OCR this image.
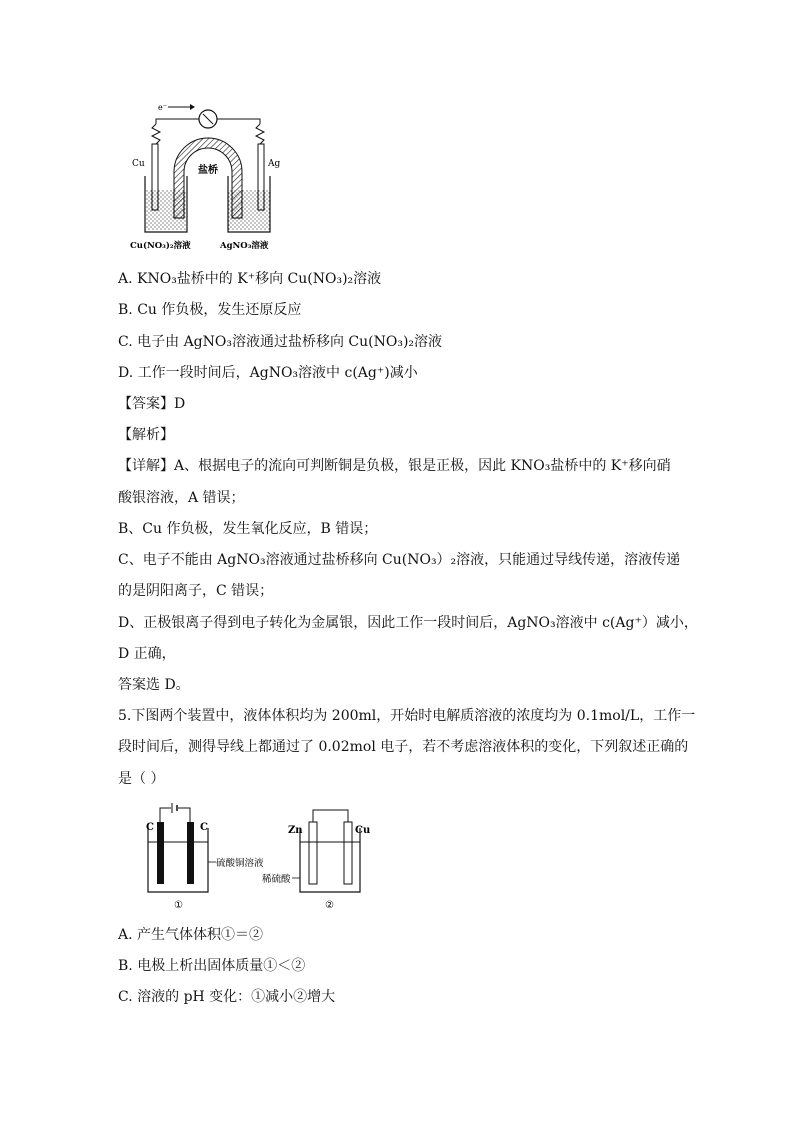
e⁻
Cu	Ag
盐桥
Cu(NO₃)₂溶液	AgNO₃溶液
A. KNO₃盐桥中的 K⁺移向 Cu(NO₃)₂溶液
B. Cu 作负极，发生还原反应
C. 电子由 AgNO₃溶液通过盐桥移向 Cu(NO₃)₂溶液
D. 工作一段时间后，AgNO₃溶液中 c(Ag⁺)减小
【答案】D
【解析】
【详解】A、根据电子的流向可判断铜是负极，银是正极，因此 KNO₃盐桥中的 K⁺移向硝
酸银溶液，A 错误；
B、Cu 作负极，发生氧化反应，B 错误；
C、电子不能由 AgNO₃溶液通过盐桥移向 Cu(NO₃）₂溶液，只能通过导线传递，溶液传递
的是阴阳离子，C 错误；
D、正极银离子得到电子转化为金属银，因此工作一段时间后，AgNO₃溶液中 c(Ag⁺）减小，
D 正确，
答案选 D。
5.下图两个装置中，液体体积均为 200ml，开始时电解质溶液的浓度均为 0.1mol/L，工作一
段时间后，测得导线上都通过了 0.02mol 电子，若不考虑溶液体积的变化，下列叙述正确的
是（ ）
C	C
硫酸铜溶液
①
Zn	Cu
稀硫酸
②
A. 产生气体体积①＝②
B. 电极上析出固体质量①＜②
C. 溶液的 pH 变化：①减小②增大
